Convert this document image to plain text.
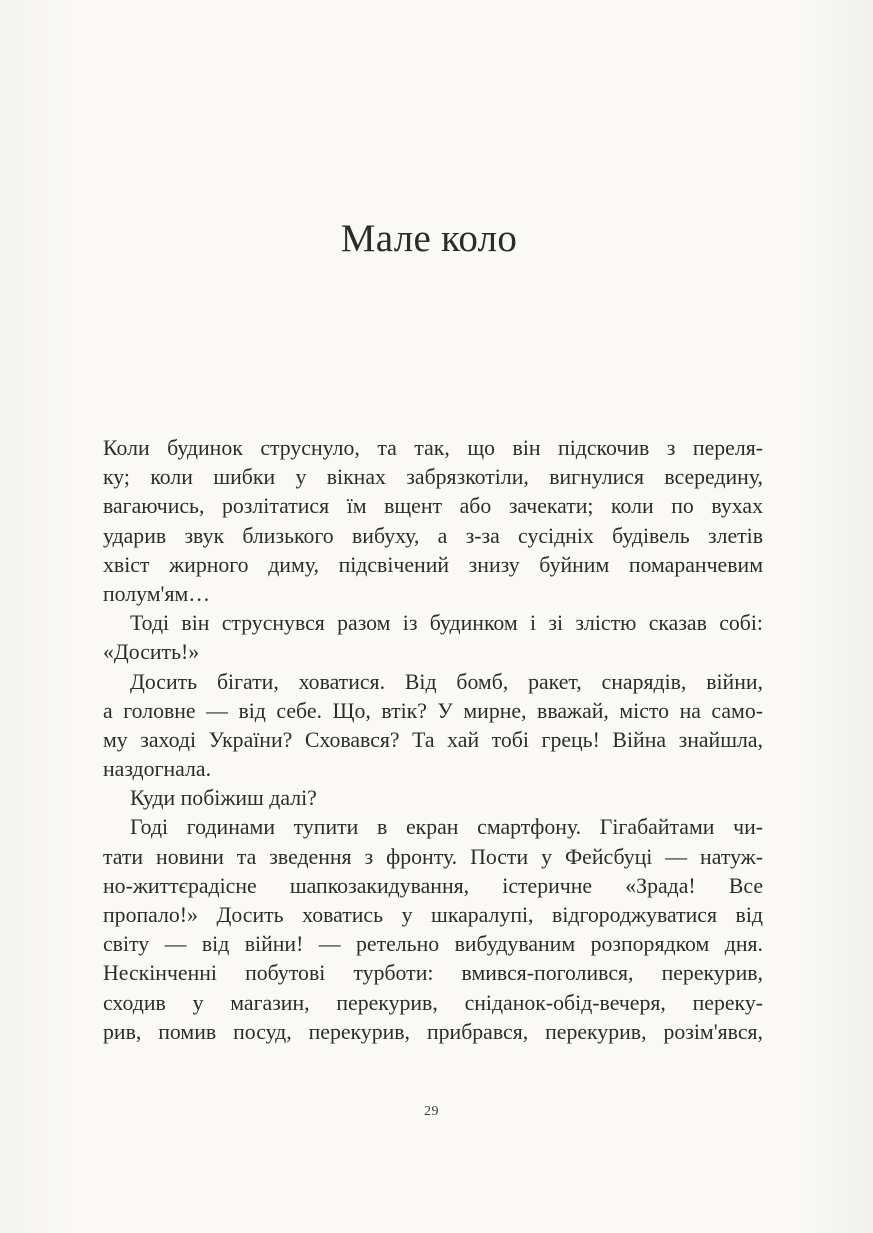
Мале коло
Коли будинок струснуло, та так, що він підскочив з переля-
ку; коли шибки у вікнах забрязкотіли, вигнулися всередину,
вагаючись, розлітатися їм вщент або зачекати; коли по вухах
ударив звук близького вибуху, а з-за сусідніх будівель злетів
хвіст жирного диму, підсвічений знизу буйним помаранчевим
полум'ям…
Тоді він струснувся разом із будинком і зі злістю сказав собі:
«Досить!»
Досить бігати, ховатися. Від бомб, ракет, снарядів, війни,
а головне — від себе. Що, втік? У мирне, вважай, місто на само-
му заході України? Сховався? Та хай тобі грець! Війна знайшла,
наздогнала.
Куди побіжиш далі?
Годі годинами тупити в екран смартфону. Гігабайтами чи-
тати новини та зведення з фронту. Пости у Фейсбуці — натуж-
но-життєрадісне шапкозакидування, істеричне «Зрада! Все
пропало!» Досить ховатись у шкаралупі, відгороджуватися від
світу — від війни! — ретельно вибудуваним розпорядком дня.
Нескінченні побутові турботи: вмився-поголився, перекурив,
сходив у магазин, перекурив, сніданок-обід-вечеря, переку-
рив, помив посуд, перекурив, прибрався, перекурив, розім'явся,
29
